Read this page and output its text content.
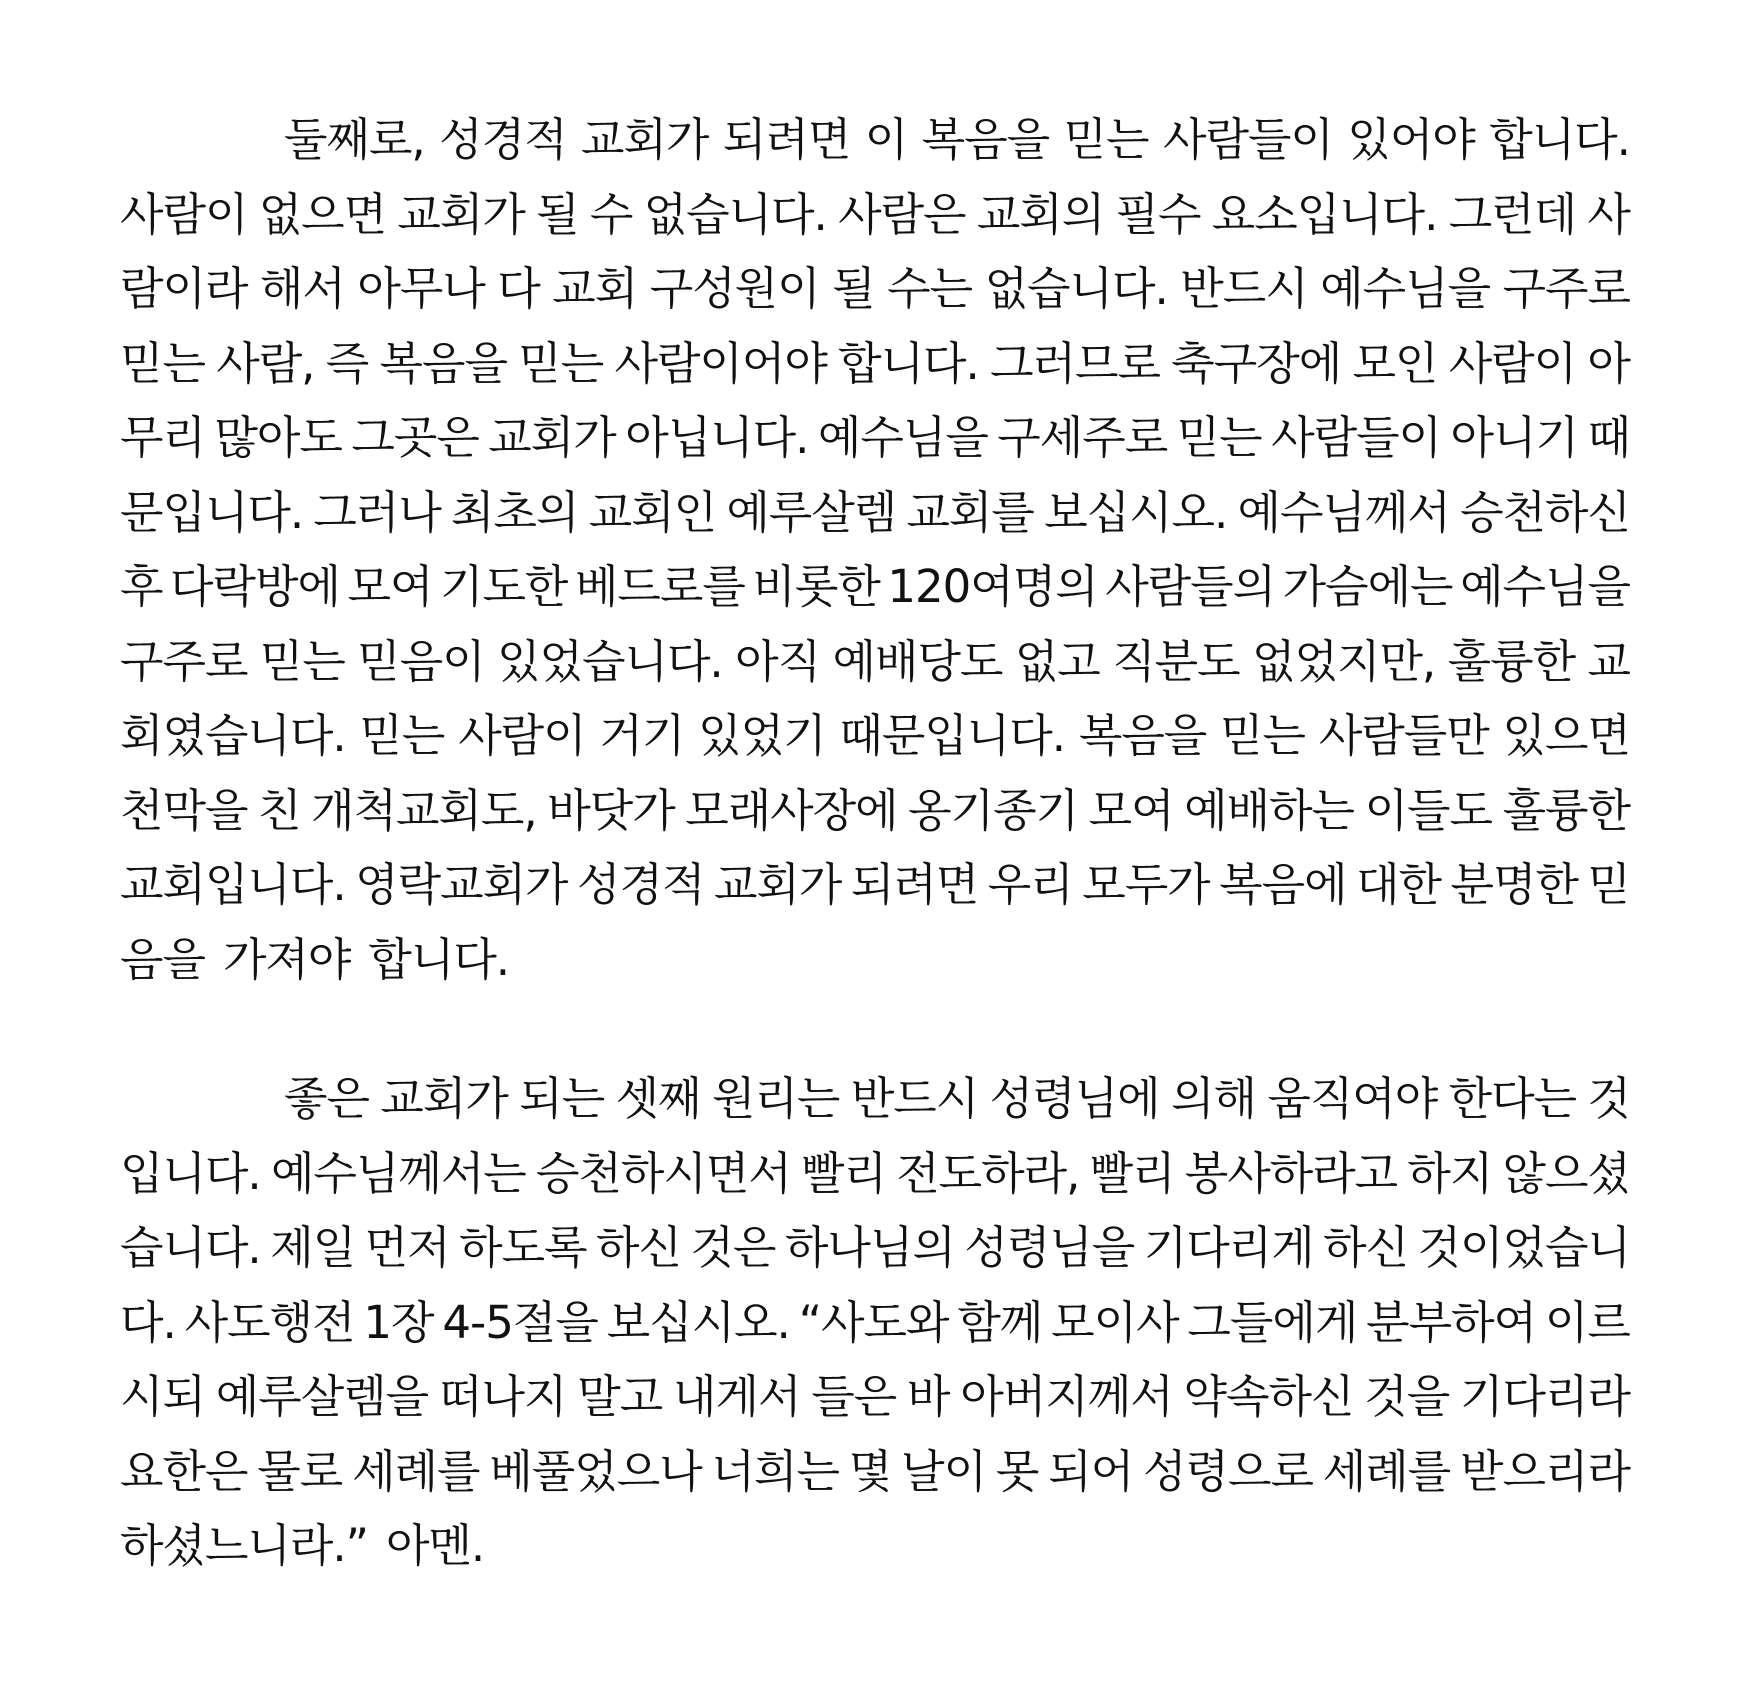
둘째로, 성경적 교회가 되려면 이 복음을 믿는 사람들이 있어야 합니다.
사람이 없으면 교회가 될 수 없습니다. 사람은 교회의 필수 요소입니다. 그런데 사
람이라 해서 아무나 다 교회 구성원이 될 수는 없습니다. 반드시 예수님을 구주로
믿는 사람, 즉 복음을 믿는 사람이어야 합니다. 그러므로 축구장에 모인 사람이 아
무리 많아도 그곳은 교회가 아닙니다. 예수님을 구세주로 믿는 사람들이 아니기 때
문입니다. 그러나 최초의 교회인 예루살렘 교회를 보십시오. 예수님께서 승천하신
후 다락방에 모여 기도한 베드로를 비롯한 120여명의 사람들의 가슴에는 예수님을
구주로 믿는 믿음이 있었습니다. 아직 예배당도 없고 직분도 없었지만, 훌륭한 교
회였습니다. 믿는 사람이 거기 있었기 때문입니다. 복음을 믿는 사람들만 있으면
천막을 친 개척교회도, 바닷가 모래사장에 옹기종기 모여 예배하는 이들도 훌륭한
교회입니다. 영락교회가 성경적 교회가 되려면 우리 모두가 복음에 대한 분명한 믿
음을 가져야 합니다.
좋은 교회가 되는 셋째 원리는 반드시 성령님에 의해 움직여야 한다는 것
입니다. 예수님께서는 승천하시면서 빨리 전도하라, 빨리 봉사하라고 하지 않으셨
습니다. 제일 먼저 하도록 하신 것은 하나님의 성령님을 기다리게 하신 것이었습니
다. 사도행전 1장 4-5절을 보십시오. “사도와 함께 모이사 그들에게 분부하여 이르
시되 예루살렘을 떠나지 말고 내게서 들은 바 아버지께서 약속하신 것을 기다리라
요한은 물로 세례를 베풀었으나 너희는 몇 날이 못 되어 성령으로 세례를 받으리라
하셨느니라.” 아멘.
